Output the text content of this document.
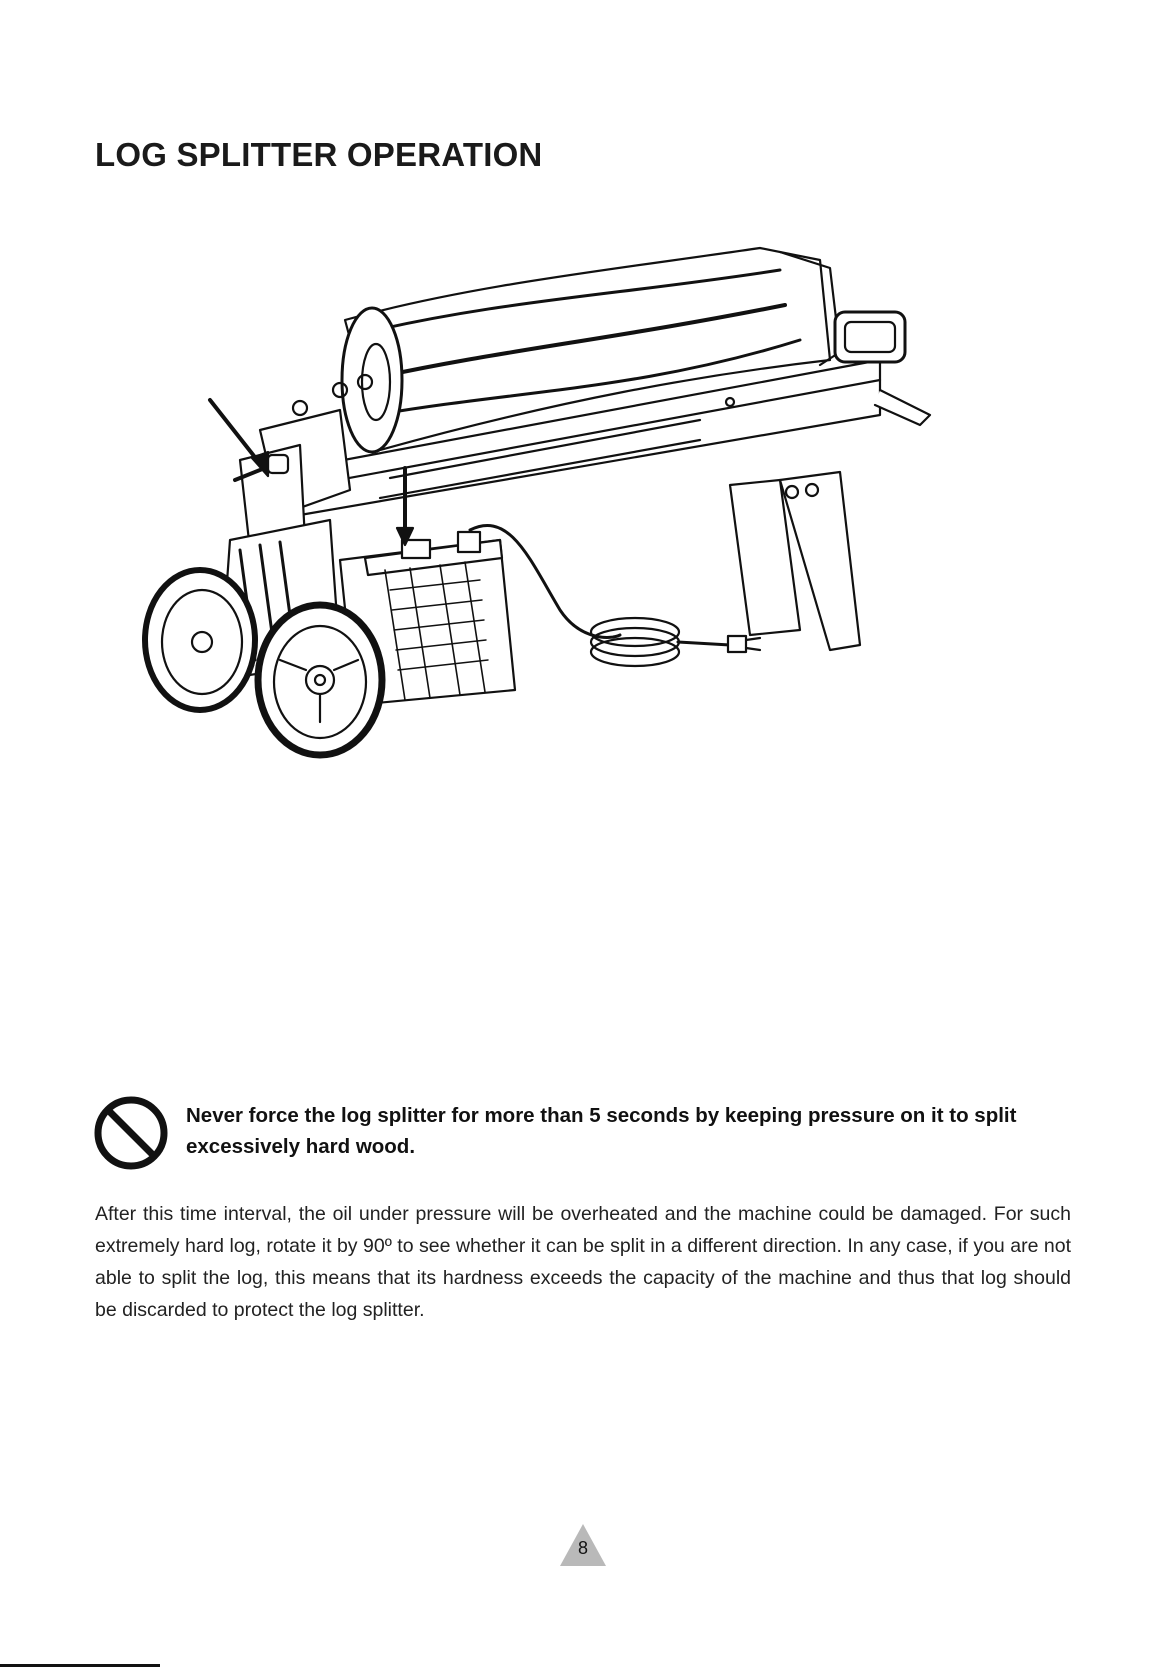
LOG SPLITTER OPERATION

Never force the log splitter for more than 5 seconds by keeping pressure on it to split excessively hard wood.

After this time interval, the oil under pressure will be overheated and the machine could be damaged. For such extremely hard log, rotate it by 90º to see whether it can be split in a different direction. In any case, if you are not able to split the log, this means that its hardness exceeds the capacity of the machine and thus that log should be discarded to protect the log splitter.

8
